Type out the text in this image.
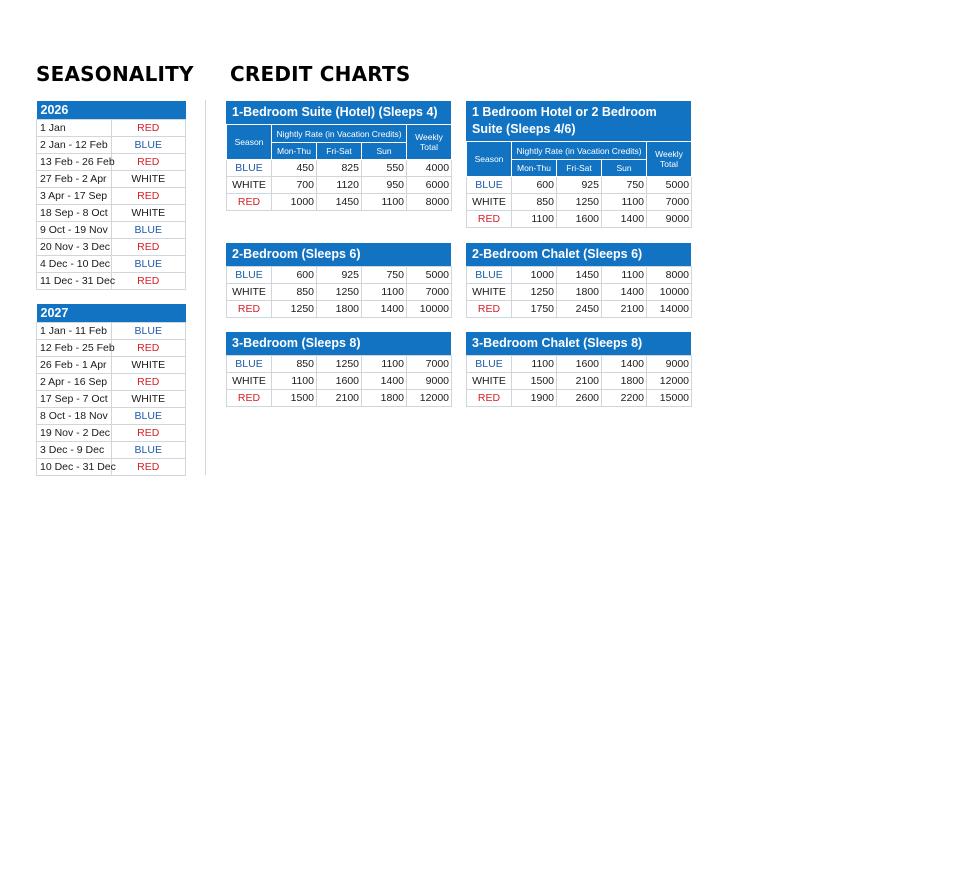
SEASONALITY CREDIT CHARTS
2026	
1 Jan	RED
2 Jan - 12 Feb	BLUE
13 Feb - 26 Feb	RED
27 Feb - 2 Apr	WHITE
3 Apr - 17 Sep	RED
18 Sep - 8 Oct	WHITE
9 Oct - 19 Nov	BLUE
20 Nov - 3 Dec	RED
4 Dec - 10 Dec	BLUE
11 Dec - 31 Dec	RED
2027	
1 Jan - 11 Feb	BLUE
12 Feb - 25 Feb	RED
26 Feb - 1 Apr	WHITE
2 Apr - 16 Sep	RED
17 Sep - 7 Oct	WHITE
8 Oct - 18 Nov	BLUE
19 Nov - 2 Dec	RED
3 Dec - 9 Dec	BLUE
10 Dec - 31 Dec	RED
1-Bedroom Suite (Hotel) (Sleeps 4)
Season	Nightly Rate (in Vacation Credits)			Weekly Total
	Mon-Thu	Fri-Sat	Sun	
BLUE	450	825	550	4000
WHITE	700	1120	950	6000
RED	1000	1450	1100	8000
1 Bedroom Hotel or 2 Bedroom Suite (Sleeps 4/6)
Season	Nightly Rate (in Vacation Credits)			Weekly Total
	Mon-Thu	Fri-Sat	Sun	
BLUE	600	925	750	5000
WHITE	850	1250	1100	7000
RED	1100	1600	1400	9000
2-Bedroom (Sleeps 6)
BLUE	600	925	750	5000
WHITE	850	1250	1100	7000
RED	1250	1800	1400	10000
2-Bedroom Chalet (Sleeps 6)
BLUE	1000	1450	1100	8000
WHITE	1250	1800	1400	10000
RED	1750	2450	2100	14000
3-Bedroom (Sleeps 8)
BLUE	850	1250	1100	7000
WHITE	1100	1600	1400	9000
RED	1500	2100	1800	12000
3-Bedroom Chalet (Sleeps 8)
BLUE	1100	1600	1400	9000
WHITE	1500	2100	1800	12000
RED	1900	2600	2200	15000
